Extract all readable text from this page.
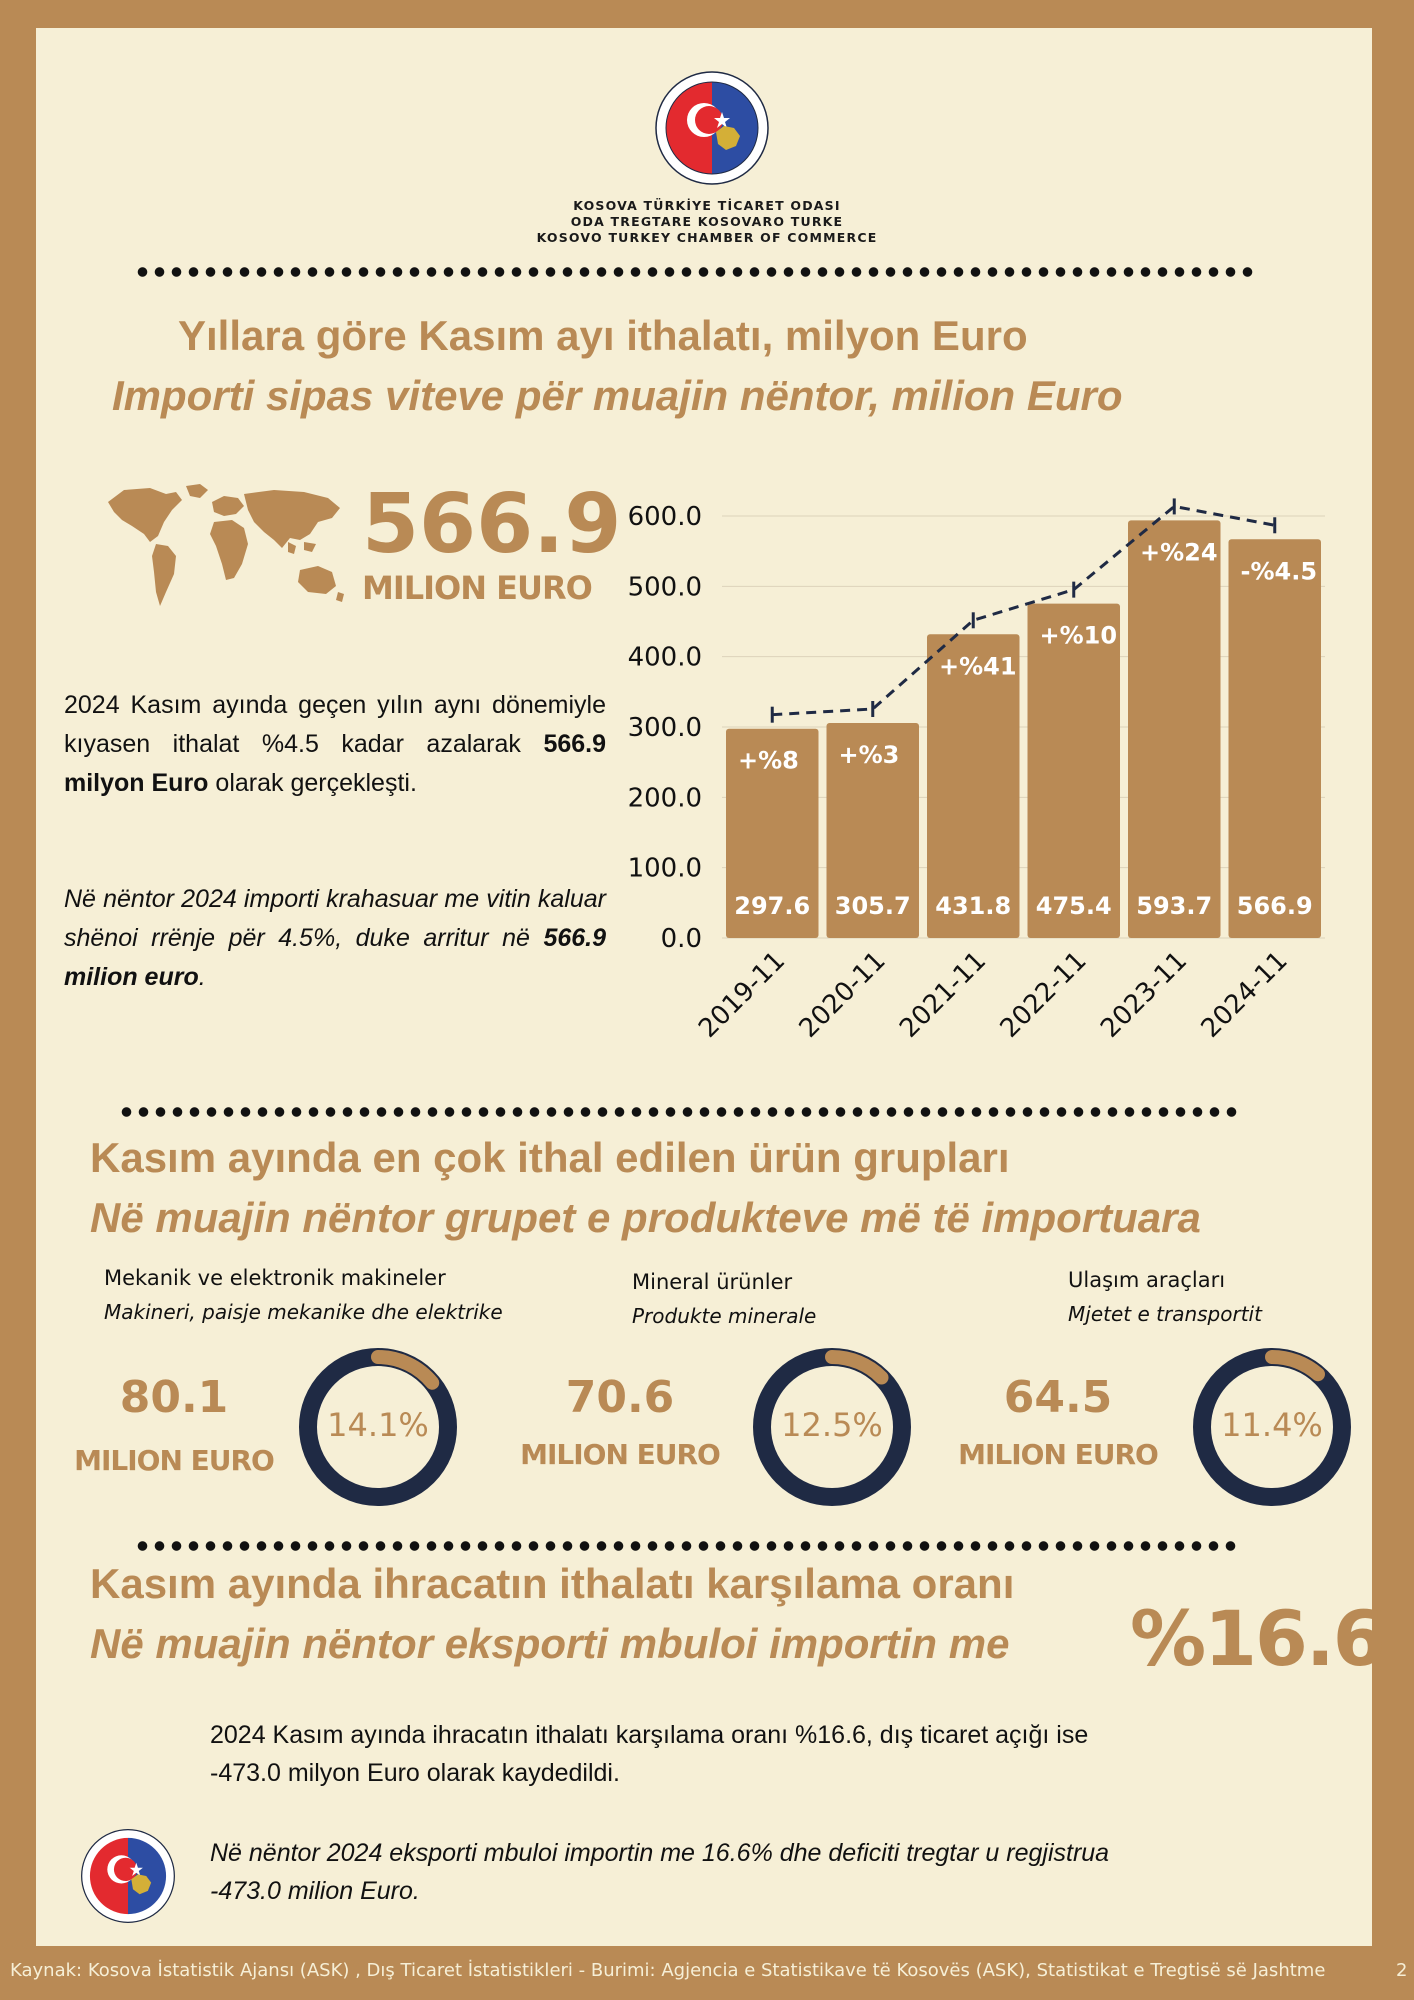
KOSOVA TÜRKİYE TİCARET ODASI
ODA TREGTARE KOSOVARO TURKE
KOSOVO TURKEY CHAMBER OF COMMERCE
Yıllara göre Kasım ayı ithalatı, milyon Euro
Importi sipas viteve për muajin nëntor, milion Euro
566.9
MILION EURO
2024 Kasım ayında geçen yılın aynı dönemiyle kıyasen ithalat %4.5 kadar azalarak 566.9 milyon Euro olarak gerçekleşti.
Në nëntor 2024 importi krahasuar me vitin kaluar shënoi rrënje për 4.5%, duke arritur në 566.9 milion euro.
0.0
100.0
200.0
300.0
400.0
500.0
600.0
297.6
+%8
2019-11
305.7
+%3
2020-11
431.8
+%41
2021-11
475.4
+%10
2022-11
593.7
+%24
2023-11
566.9
-%4.5
2024-11
Kasım ayında en çok ithal edilen ürün grupları
Në muajin nëntor grupet e produkteve më të importuara
Mekanik ve elektronik makineler
Makineri, paisje mekanike dhe elektrike
80.1
MILION EURO
14.1%
Mineral ürünler
Produkte minerale
70.6
MILION EURO
12.5%
Ulaşım araçları
Mjetet e transportit
64.5
MILION EURO
11.4%
Kasım ayında ihracatın ithalatı karşılama oranı
Në muajin nëntor eksporti mbuloi importin me	%16.6
2024 Kasım ayında ihracatın ithalatı karşılama oranı %16.6, dış ticaret açığı ise
-473.0 milyon Euro olarak kaydedildi.
Në nëntor 2024 eksporti mbuloi importin me 16.6% dhe deficiti tregtar u regjistrua
-473.0 milion Euro.
Kaynak: Kosova İstatistik Ajansı (ASK) , Dış Ticaret İstatistikleri - Burimi: Agjencia e Statistikave të Kosovës (ASK), Statistikat e Tregtisë së Jashtme	2
